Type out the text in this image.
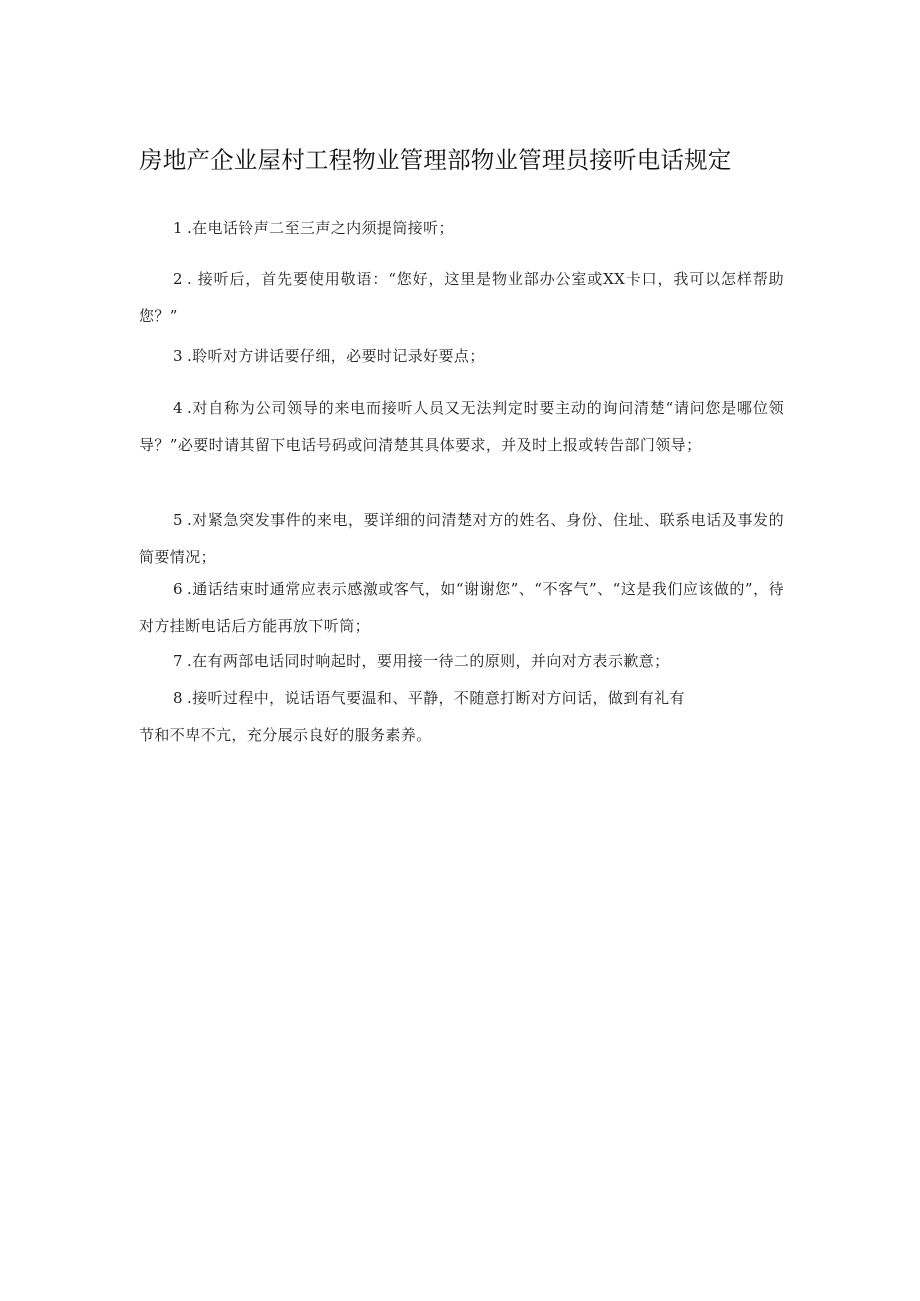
房地产企业屋村工程物业管理部物业管理员接听电话规定
1 .在电话铃声二至三声之内须提筒接听；
2 . 接听后，首先要使用敬语：“您好，这里是物业部办公室或XX卡口，我可以怎样帮助您？”
3 .聆听对方讲话要仔细，必要时记录好要点；
4 .对自称为公司领导的来电而接听人员又无法判定时要主动的询问清楚“请问您是哪位领导？”必要时请其留下电话号码或问清楚其具体要求，并及时上报或转告部门领导；
5 .对紧急突发事件的来电，要详细的问清楚对方的姓名、身份、住址、联系电话及事发的简要情况；
6 .通话结束时通常应表示感激或客气，如“谢谢您”、“不客气”、“这是我们应该做的”，待对方挂断电话后方能再放下听筒；
7 .在有两部电话同时响起时，要用接一待二的原则，并向对方表示歉意；
8 .接听过程中，说话语气要温和、平静，不随意打断对方问话，做到有礼有
节和不卑不亢，充分展示良好的服务素养。
